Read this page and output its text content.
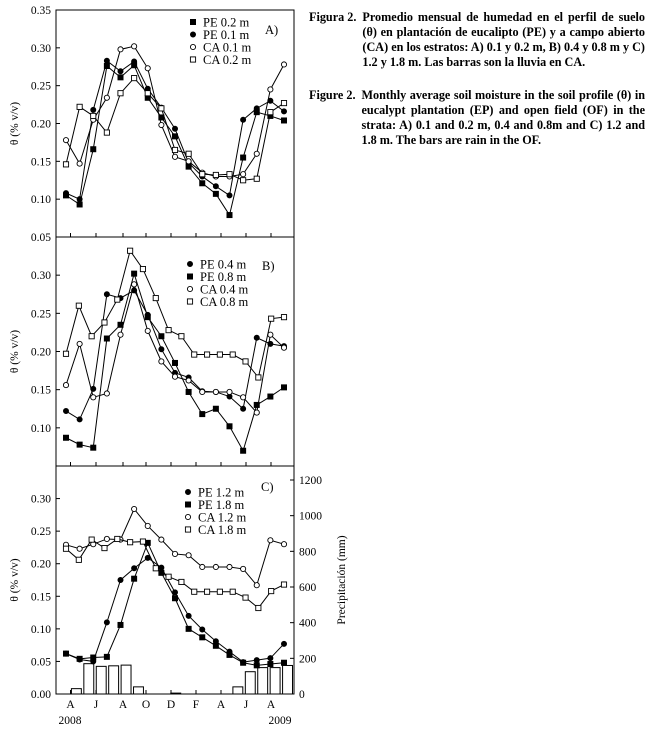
0.05
0.10
0.15
0.20
0.25
0.30
0.35
θ (% v/v)
PE 0.2 m
PE 0.1 m
CA 0.1 m
CA 0.2 m
A)
0.10
0.15
0.20
0.25
0.30
θ (% v/v)
PE 0.4 m
PE 0.8 m
CA 0.4 m
CA 0.8 m
B)
0.00
0.05
0.10
0.15
0.20
0.25
0.30
θ (% v/v)
0
200
400
600
800
1000
1200
Precipitación (mm)
PE 1.2 m
PE 1.8 m
CA 1.2 m
CA 1.8 m
C)
A J A O D F A J A
2008	2009
Figura 2. Promedio mensual de humedad en el perfil de suelo (θ) en plantación de eucalipto (PE) y a campo abierto (CA) en los estratos: A) 0.1 y 0.2 m, B) 0.4 y 0.8 m y C) 1.2 y 1.8 m. Las barras son la lluvia en CA.
Figure 2. Monthly average soil moisture in the soil profile (θ) in eucalypt plantation (EP) and open field (OF) in the strata: A) 0.1 and 0.2 m, 0.4 and 0.8m and C) 1.2 and 1.8 m. The bars are rain in the OF.
